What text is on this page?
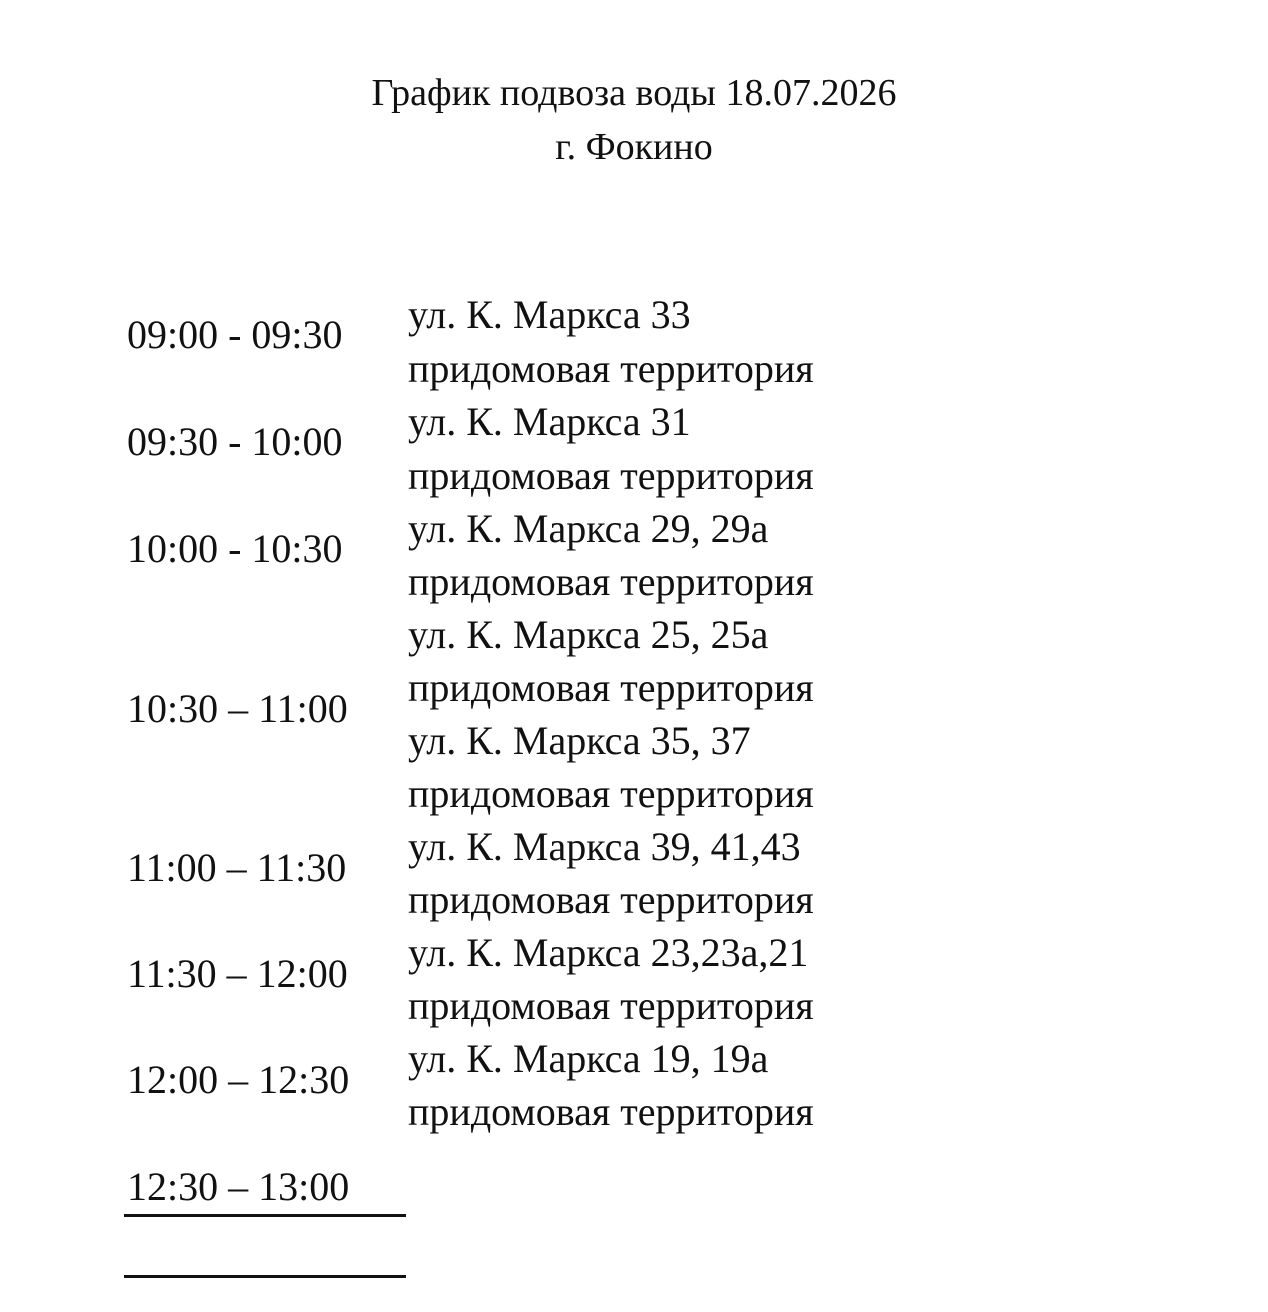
График подвоза воды 18.07.2026
г. Фокино
09:00 - 09:30 ул. К. Маркса 33
придомовая территория
09:30 - 10:00 ул. К. Маркса 31
придомовая территория
10:00 - 10:30 ул. К. Маркса 29, 29а
придомовая территория
10:30 – 11:00
ул. К. Маркса 25, 25а
придомовая территория
ул. К. Маркса 35, 37
придомовая территория
11:00 – 11:30 ул. К. Маркса 39, 41,43
придомовая территория
11:30 – 12:00 ул. К. Маркса 23,23а,21
придомовая территория
12:00 – 12:30 ул. К. Маркса 19, 19а
придомовая территория
12:30 – 13:00
